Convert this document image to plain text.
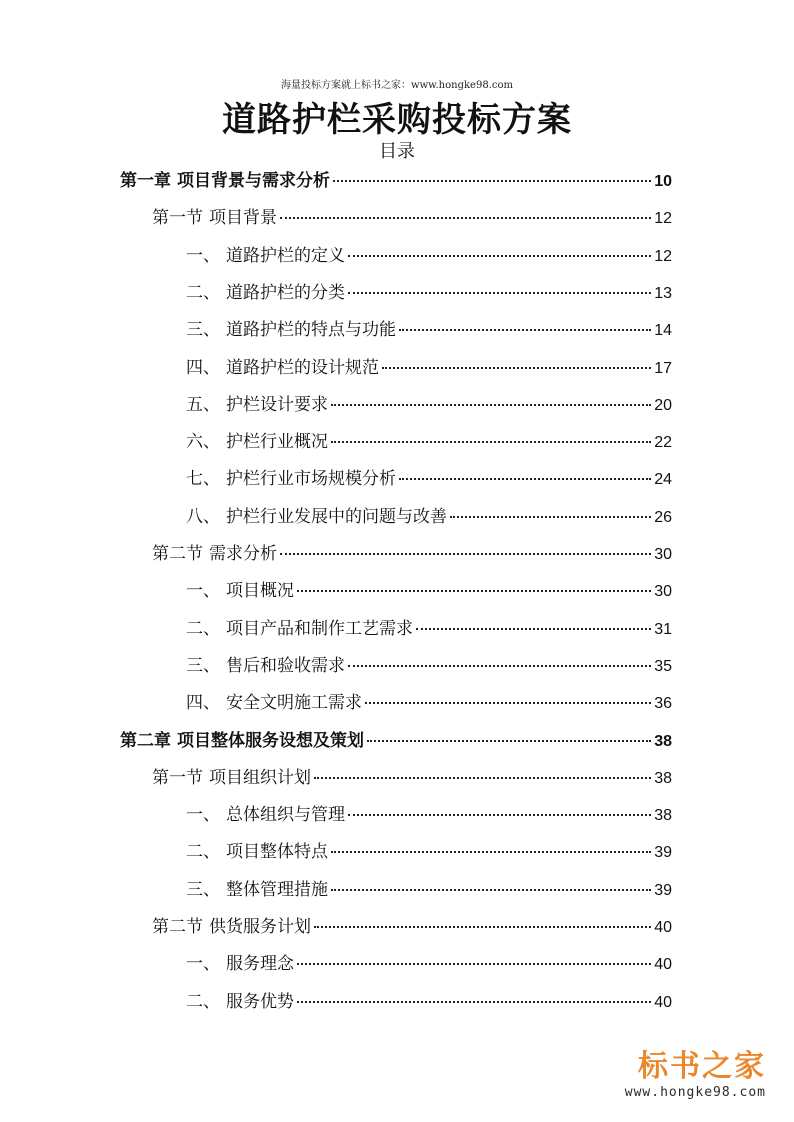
海量投标方案就上标书之家：www.hongke98.com
道路护栏采购投标方案
目录
第一章 项目背景与需求分析	10
第一节 项目背景	12
一、 道路护栏的定义	12
二、 道路护栏的分类	13
三、 道路护栏的特点与功能	14
四、 道路护栏的设计规范	17
五、 护栏设计要求	20
六、 护栏行业概况	22
七、 护栏行业市场规模分析	24
八、 护栏行业发展中的问题与改善	26
第二节 需求分析	30
一、 项目概况	30
二、 项目产品和制作工艺需求	31
三、 售后和验收需求	35
四、 安全文明施工需求	36
第二章 项目整体服务设想及策划	38
第一节 项目组织计划	38
一、 总体组织与管理	38
二、 项目整体特点	39
三、 整体管理措施	39
第二节 供货服务计划	40
一、 服务理念	40
二、 服务优势	40
标书之家
www.hongke98.com
